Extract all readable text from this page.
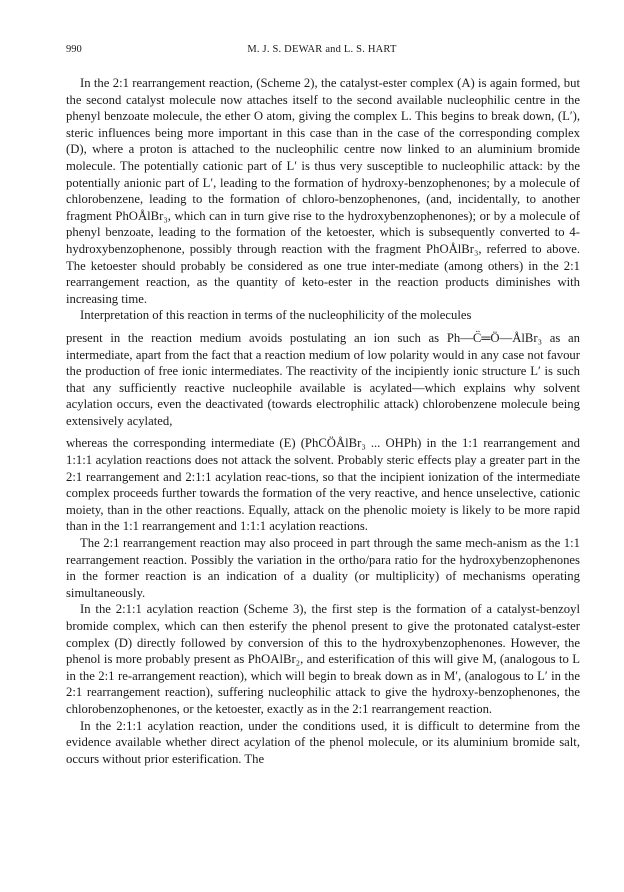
990	M. J. S. DEWAR and L. S. HART

In the 2:1 rearrangement reaction, (Scheme 2), the catalyst-ester complex (A) is again formed, but the second catalyst molecule now attaches itself to the second available nucleophilic centre in the phenyl benzoate molecule, the ether O atom, giving the complex L. This begins to break down, (L′), steric influences being more important in this case than in the case of the corresponding complex (D), where a proton is attached to the nucleophilic centre now linked to an aluminium bromide molecule. The potentially cationic part of L′ is thus very susceptible to nucleophilic attack: by the potentially anionic part of L′, leading to the formation of hydroxy-benzophenones; by a molecule of chlorobenzene, leading to the formation of chloro-benzophenones, (and, incidentally, to another fragment PhOÅlBr₃, which can in turn give rise to the hydroxybenzophenones); or by a molecule of phenyl benzoate, leading to the formation of the ketoester, which is subsequently converted to 4-hydroxybenzophenone, possibly through reaction with the fragment PhOÅlBr₃, referred to above. The ketoester should probably be considered as one true inter-mediate (among others) in the 2:1 rearrangement reaction, as the quantity of keto-ester in the reaction products diminishes with increasing time.

Interpretation of this reaction in terms of the nucleophilicity of the molecules

present in the reaction medium avoids postulating an ion such as Ph—C̈═Ö—ÅlBr₃ as an intermediate, apart from the fact that a reaction medium of low polarity would in any case not favour the production of free ionic intermediates. The reactivity of the incipiently ionic structure L′ is such that any sufficiently reactive nucleophile available is acylated—which explains why solvent acylation occurs, even the deactivated (towards electrophilic attack) chlorobenzene molecule being extensively acylated,

whereas the corresponding intermediate (E) (PhCÖÅlBr₃ ... OHPh) in the 1:1 rearrangement and 1:1:1 acylation reactions does not attack the solvent. Probably steric effects play a greater part in the 2:1 rearrangement and 2:1:1 acylation reac-tions, so that the incipient ionization of the intermediate complex proceeds further towards the formation of the very reactive, and hence unselective, cationic moiety, than in the other reactions. Equally, attack on the phenolic moiety is likely to be more rapid than in the 1:1 rearrangement and 1:1:1 acylation reactions.

The 2:1 rearrangement reaction may also proceed in part through the same mech-anism as the 1:1 rearrangement reaction. Possibly the variation in the ortho/para ratio for the hydroxybenzophenones in the former reaction is an indication of a duality (or multiplicity) of mechanisms operating simultaneously.

In the 2:1:1 acylation reaction (Scheme 3), the first step is the formation of a catalyst-benzoyl bromide complex, which can then esterify the phenol present to give the protonated catalyst-ester complex (D) directly followed by conversion of this to the hydroxybenzophenones. However, the phenol is more probably present as PhOAlBr₂, and esterification of this will give M, (analogous to L in the 2:1 re-arrangement reaction), which will begin to break down as in M′, (analogous to L′ in the 2:1 rearrangement reaction), suffering nucleophilic attack to give the hydroxy-benzophenones, the chlorobenzophenones, or the ketoester, exactly as in the 2:1 rearrangement reaction.

In the 2:1:1 acylation reaction, under the conditions used, it is difficult to determine from the evidence available whether direct acylation of the phenol molecule, or its aluminium bromide salt, occurs without prior esterification. The
